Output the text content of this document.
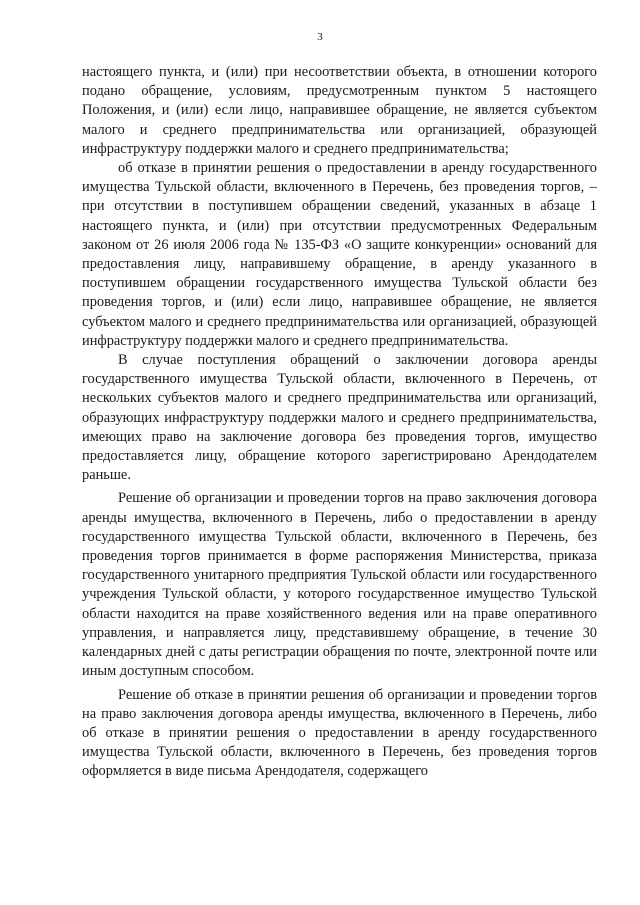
3

настоящего пункта, и (или) при несоответствии объекта, в отношении которого подано обращение, условиям, предусмотренным пунктом 5 настоящего Положения, и (или) если лицо, направившее обращение, не является субъектом малого и среднего предпринимательства или организацией, образующей инфраструктуру поддержки малого и среднего предпринимательства;

об отказе в принятии решения о предоставлении в аренду государственного имущества Тульской области, включенного в Перечень, без проведения торгов, – при отсутствии в поступившем обращении сведений, указанных в абзаце 1 настоящего пункта, и (или) при отсутствии предусмотренных Федеральным законом от 26 июля 2006 года № 135-ФЗ «О защите конкуренции» оснований для предоставления лицу, направившему обращение, в аренду указанного в поступившем обращении государственного имущества Тульской области без проведения торгов, и (или) если лицо, направившее обращение, не является субъектом малого и среднего предпринимательства или организацией, образующей инфраструктуру поддержки малого и среднего предпринимательства.

В случае поступления обращений о заключении договора аренды государственного имущества Тульской области, включенного в Перечень, от нескольких субъектов малого и среднего предпринимательства или организаций, образующих инфраструктуру поддержки малого и среднего предпринимательства, имеющих право на заключение договора без проведения торгов, имущество предоставляется лицу, обращение которого зарегистрировано Арендодателем раньше.

Решение об организации и проведении торгов на право заключения договора аренды имущества, включенного в Перечень, либо о предоставлении в аренду государственного имущества Тульской области, включенного в Перечень, без проведения торгов принимается в форме распоряжения Министерства, приказа государственного унитарного предприятия Тульской области или государственного учреждения Тульской области, у которого государственное имущество Тульской области находится на праве хозяйственного ведения или на праве оперативного управления, и направляется лицу, представившему обращение, в течение 30 календарных дней с даты регистрации обращения по почте, электронной почте или иным доступным способом.

Решение об отказе в принятии решения об организации и проведении торгов на право заключения договора аренды имущества, включенного в Перечень, либо об отказе в принятии решения о предоставлении в аренду государственного имущества Тульской области, включенного в Перечень, без проведения торгов оформляется в виде письма Арендодателя, содержащего
